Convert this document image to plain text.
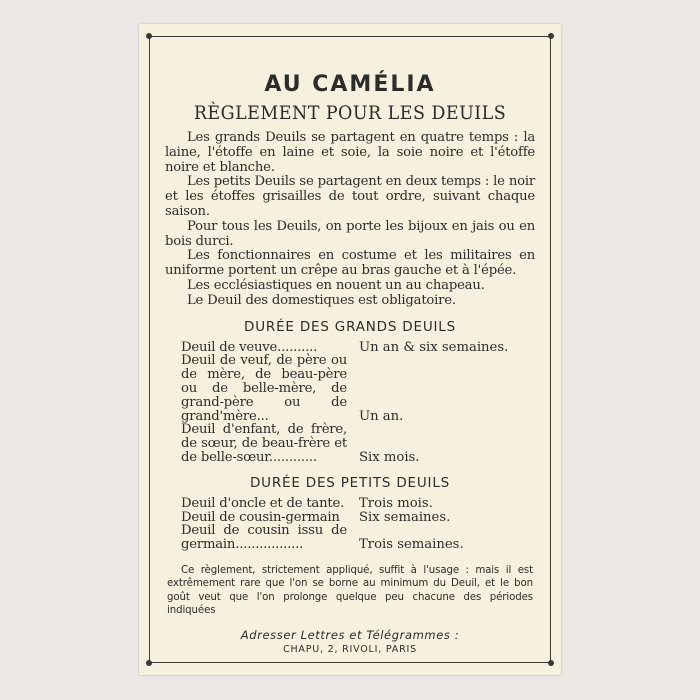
AU CAMÉLIA
RÈGLEMENT POUR LES DEUILS

Les grands Deuils se partagent en quatre temps : la laine, l'étoffe en laine et soie, la soie noire et l'étoffe noire et blanche.

Les petits Deuils se partagent en deux temps : le noir et les étoffes grisailles de tout ordre, suivant chaque saison.

Pour tous les Deuils, on porte les bijoux en jais ou en bois durci.

Les fonctionnaires en costume et les militaires en uniforme portent un crêpe au bras gauche et à l'épée.

Les ecclésiastiques en nouent un au chapeau.

Le Deuil des domestiques est obligatoire.

DURÉE DES GRANDS DEUILS
Deuil de veuve..........	Un an & six semaines.
Deuil de veuf, de père ou de mère, de beau-père ou de belle-mère, de grand-père ou de grand'mère...	Un an.
Deuil d'enfant, de frère, de sœur, de beau-frère et de belle-sœur............	Six mois.
DURÉE DES PETITS DEUILS
Deuil d'oncle et de tante.	Trois mois.
Deuil de cousin-germain	Six semaines.
Deuil de cousin issu de germain.................	Trois semaines.
Ce règlement, strictement appliqué, suffit à l'usage : mais il est extrêmement rare que l'on se borne au minimum du Deuil, et le bon goût veut que l'on prolonge quelque peu chacune des périodes indiquées
Adresser Lettres et Télégrammes :
CHAPU, 2, RIVOLI, PARIS
